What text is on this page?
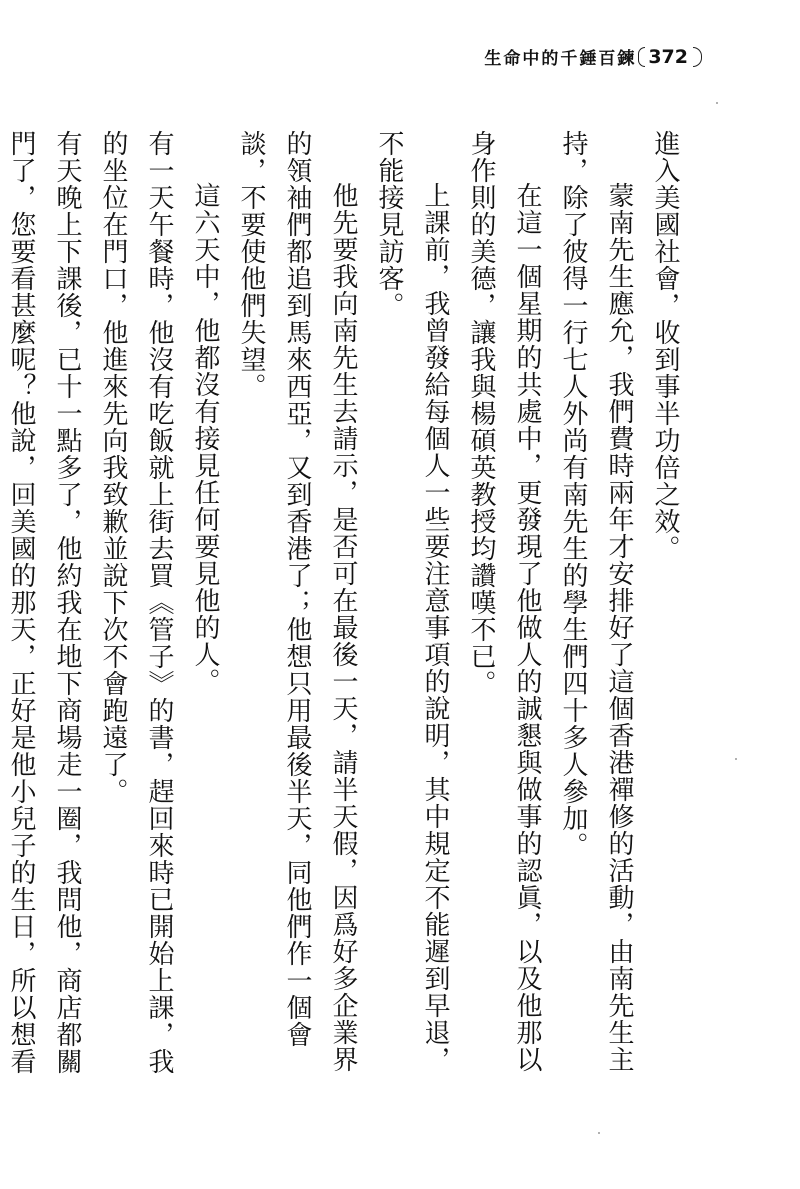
生命中的千錘百鍊 372

進入美國社會，收到事半功倍之效。

蒙南先生應允，我們費時兩年才安排好了這個香港禪修的活動，由南先生主持，除了彼得一行七人外尚有南先生的學生們四十多人參加。

在這一個星期的共處中，更發現了他做人的誠懇與做事的認眞，以及他那以身作則的美德，讓我與楊碩英教授均讚嘆不已。

上課前，我曾發給每個人一些要注意事項的說明，其中規定不能遲到早退，不能接見訪客。

他先要我向南先生去請示，是否可在最後一天，請半天假，因爲好多企業界的領袖們都追到馬來西亞，又到香港了；他想只用最後半天，同他們作一個會談，不要使他們失望。

這六天中，他都沒有接見任何要見他的人。

有一天午餐時，他沒有吃飯就上街去買《管子》的書，趕回來時已開始上課，我的坐位在門口，他進來先向我致歉並說下次不會跑遠了。

有天晚上下課後，已十一點多了，他約我在地下商場走一圈，我問他，商店都關門了，您要看甚麼呢？他說，回美國的那天，正好是他小兒子的生日，所以想看
